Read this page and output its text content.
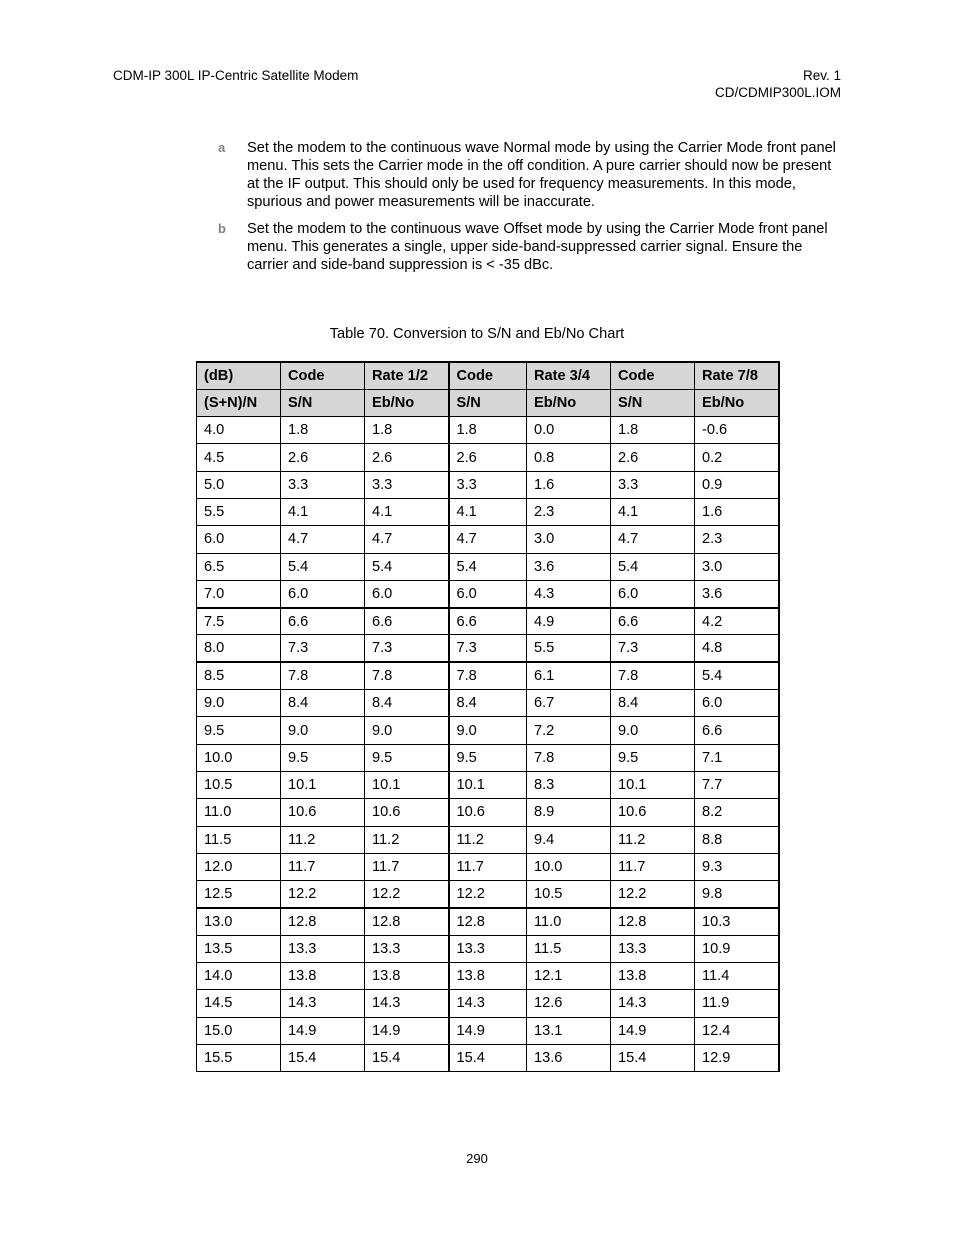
CDM-IP 300L IP-Centric Satellite Modem	Rev. 1
CD/CDMIP300L.IOM
a	Set the modem to the continuous wave Normal mode by using the Carrier Mode front panel menu. This sets the Carrier mode in the off condition. A pure carrier should now be present at the IF output. This should only be used for frequency measurements. In this mode, spurious and power measurements will be inaccurate.
b	Set the modem to the continuous wave Offset mode by using the Carrier Mode front panel menu. This generates a single, upper side-band-suppressed carrier signal. Ensure the carrier and side-band suppression is < -35 dBc.
Table 70. Conversion to S/N and Eb/No Chart
(dB)	Code	Rate 1/2	Code	Rate 3/4	Code	Rate 7/8
(S+N)/N	S/N	Eb/No	S/N	Eb/No	S/N	Eb/No
4.0	1.8	1.8	1.8	0.0	1.8	-0.6
4.5	2.6	2.6	2.6	0.8	2.6	0.2
5.0	3.3	3.3	3.3	1.6	3.3	0.9
5.5	4.1	4.1	4.1	2.3	4.1	1.6
6.0	4.7	4.7	4.7	3.0	4.7	2.3
6.5	5.4	5.4	5.4	3.6	5.4	3.0
7.0	6.0	6.0	6.0	4.3	6.0	3.6
7.5	6.6	6.6	6.6	4.9	6.6	4.2
8.0	7.3	7.3	7.3	5.5	7.3	4.8
8.5	7.8	7.8	7.8	6.1	7.8	5.4
9.0	8.4	8.4	8.4	6.7	8.4	6.0
9.5	9.0	9.0	9.0	7.2	9.0	6.6
10.0	9.5	9.5	9.5	7.8	9.5	7.1
10.5	10.1	10.1	10.1	8.3	10.1	7.7
11.0	10.6	10.6	10.6	8.9	10.6	8.2
11.5	11.2	11.2	11.2	9.4	11.2	8.8
12.0	11.7	11.7	11.7	10.0	11.7	9.3
12.5	12.2	12.2	12.2	10.5	12.2	9.8
13.0	12.8	12.8	12.8	11.0	12.8	10.3
13.5	13.3	13.3	13.3	11.5	13.3	10.9
14.0	13.8	13.8	13.8	12.1	13.8	11.4
14.5	14.3	14.3	14.3	12.6	14.3	11.9
15.0	14.9	14.9	14.9	13.1	14.9	12.4
15.5	15.4	15.4	15.4	13.6	15.4	12.9
290
